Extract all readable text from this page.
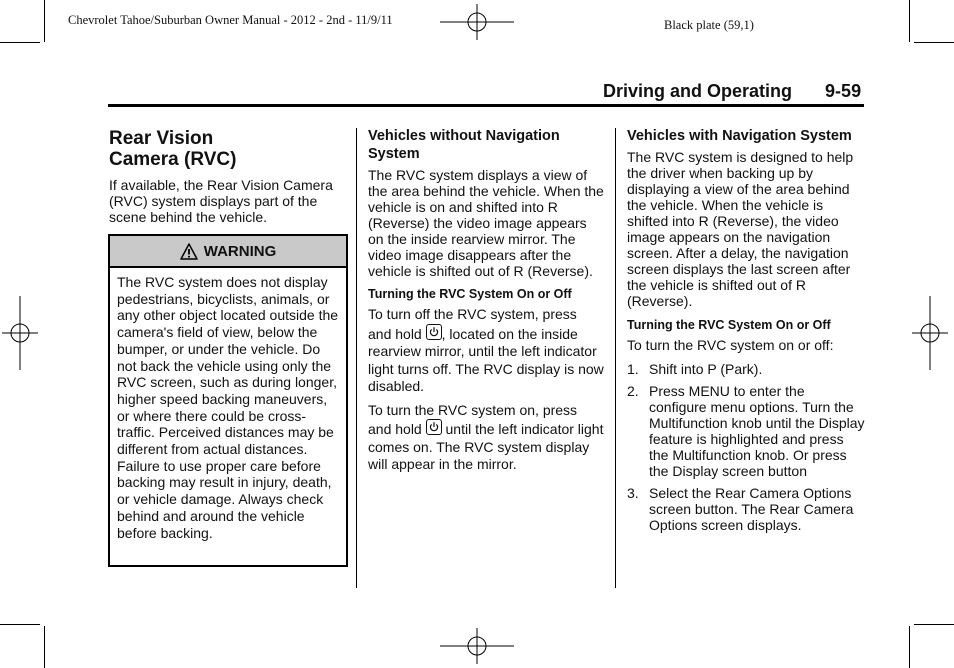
Chevrolet Tahoe/Suburban Owner Manual - 2012 - 2nd - 11/9/11	Black plate (59,1)
Driving and Operating 9-59
Rear Vision
Camera (RVC)

If available, the Rear Vision Camera (RVC) system displays part of the scene behind the vehicle.

WARNING
The RVC system does not display pedestrians, bicyclists, animals, or any other object located outside the camera's field of view, below the bumper, or under the vehicle. Do not back the vehicle using only the RVC screen, such as during longer, higher speed backing maneuvers, or where there could be cross-traffic. Perceived distances may be different from actual distances. Failure to use proper care before backing may result in injury, death, or vehicle damage. Always check behind and around the vehicle before backing.
Vehicles without Navigation System

The RVC system displays a view of the area behind the vehicle. When the vehicle is on and shifted into R (Reverse) the video image appears on the inside rearview mirror. The video image disappears after the vehicle is shifted out of R (Reverse).

Turning the RVC System On or Off

To turn off the RVC system, press and hold , located on the inside rearview mirror, until the left indicator light turns off. The RVC display is now disabled.

To turn the RVC system on, press and hold until the left indicator light comes on. The RVC system display will appear in the mirror.

Vehicles with Navigation System

The RVC system is designed to help the driver when backing up by displaying a view of the area behind the vehicle. When the vehicle is shifted into R (Reverse), the video image appears on the navigation screen. After a delay, the navigation screen displays the last screen after the vehicle is shifted out of R (Reverse).

Turning the RVC System On or Off

To turn the RVC system on or off:

1. Shift into P (Park).
2. Press MENU to enter the configure menu options. Turn the Multifunction knob until the Display feature is highlighted and press the Multifunction knob. Or press the Display screen button
3. Select the Rear Camera Options screen button. The Rear Camera Options screen displays.
